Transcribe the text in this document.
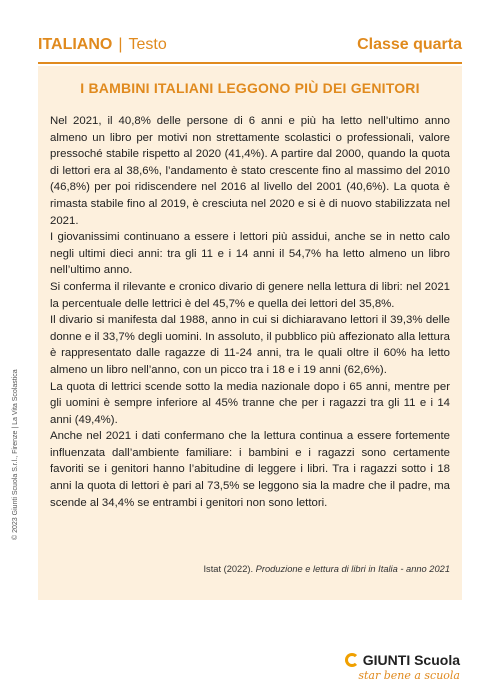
ITALIANO | Testo	Classe quarta
I BAMBINI ITALIANI LEGGONO PIÙ DEI GENITORI

Nel 2021, il 40,8% delle persone di 6 anni e più ha letto nell’ultimo anno almeno un libro per motivi non strettamente scolastici o professionali, valore pressoché stabile rispetto al 2020 (41,4%). A partire dal 2000, quando la quota di lettori era al 38,6%, l’andamento è stato crescente fino al massimo del 2010 (46,8%) per poi ridiscendere nel 2016 al livello del 2001 (40,6%). La quota è rimasta stabile fino al 2019, è cresciuta nel 2020 e si è di nuovo stabilizzata nel 2021.

I giovanissimi continuano a essere i lettori più assidui, anche se in netto calo negli ultimi dieci anni: tra gli 11 e i 14 anni il 54,7% ha letto almeno un libro nell’ultimo anno.

Si conferma il rilevante e cronico divario di genere nella lettura di libri: nel 2021 la percentuale delle lettrici è del 45,7% e quella dei lettori del 35,8%.

Il divario si manifesta dal 1988, anno in cui si dichiaravano lettori il 39,3% delle donne e il 33,7% degli uomini. In assoluto, il pubblico più affezionato alla lettura è rappresentato dalle ragazze di 11-24 anni, tra le quali oltre il 60% ha letto almeno un libro nell’anno, con un picco tra i 18 e i 19 anni (62,6%).

La quota di lettrici scende sotto la media nazionale dopo i 65 anni, mentre per gli uomini è sempre inferiore al 45% tranne che per i ragazzi tra gli 11 e i 14 anni (49,4%).

Anche nel 2021 i dati confermano che la lettura continua a essere fortemente influenzata dall’ambiente familiare: i bambini e i ragazzi sono certamente favoriti se i genitori hanno l’abitudine di leggere i libri. Tra i ragazzi sotto i 18 anni la quota di lettori è pari al 73,5% se leggono sia la madre che il padre, ma scende al 34,4% se entrambi i genitori non sono lettori.

Istat (2022). Produzione e lettura di libri in Italia - anno 2021
© 2023 Giunti Scuola S.r.l., Firenze | La Vita Scolastica
GIUNTI Scuola
star bene a scuola
